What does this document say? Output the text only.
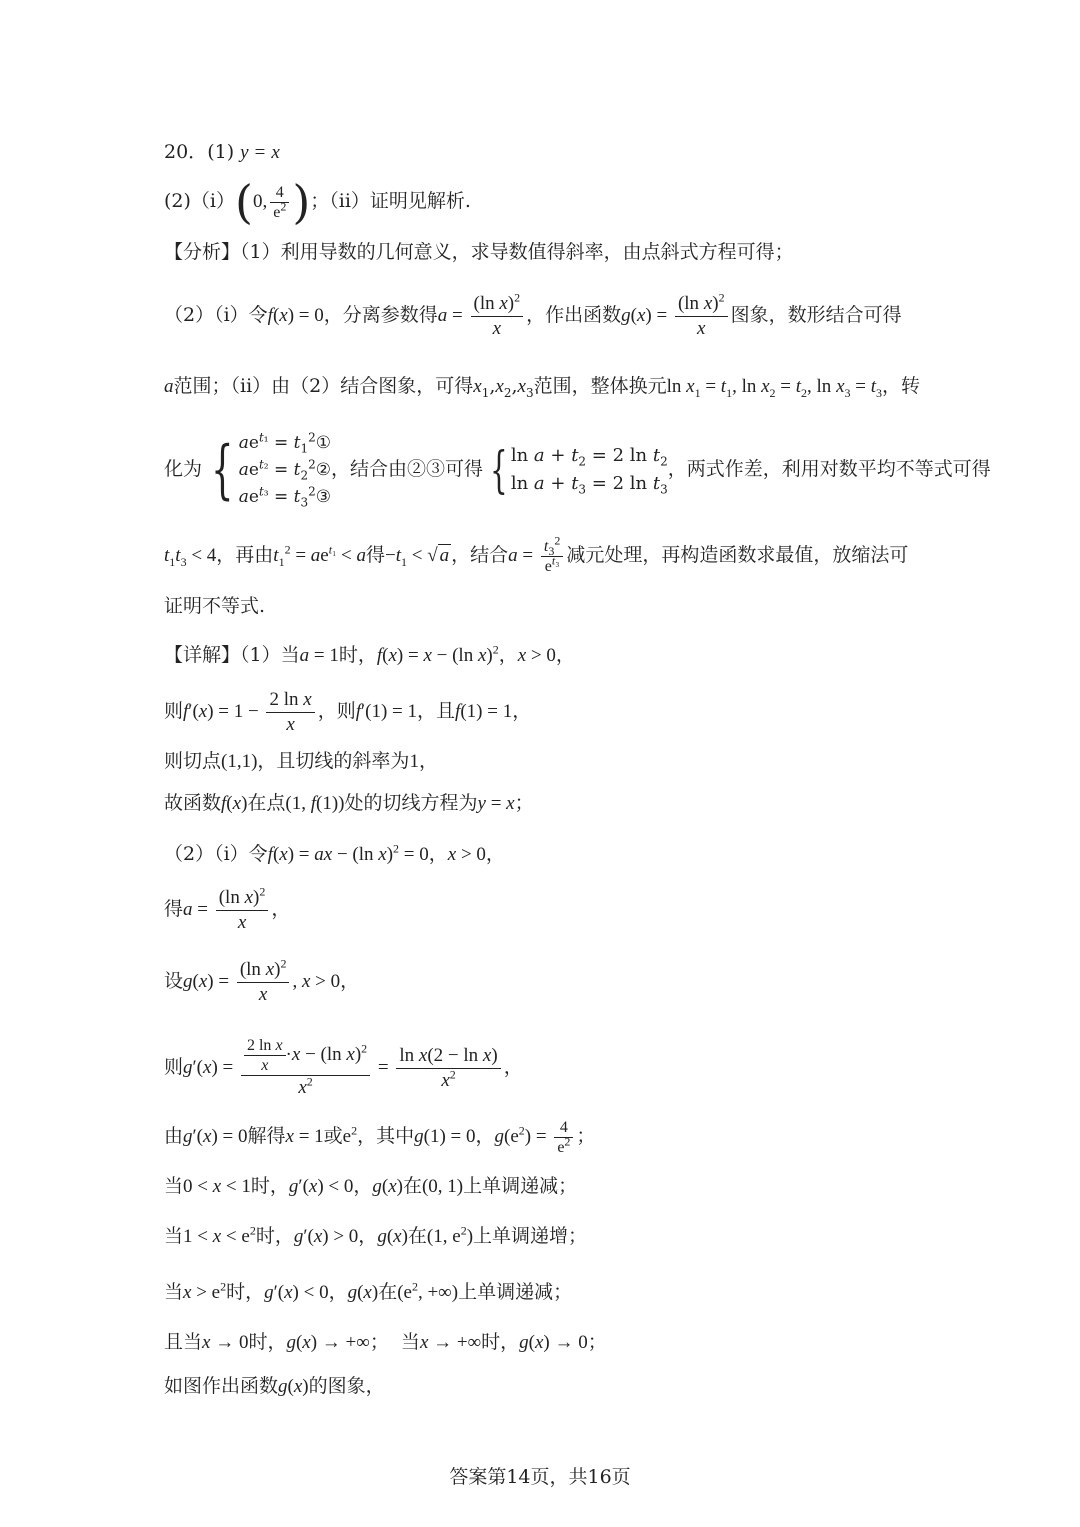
20．(1) y = x
(2)（i）(0, $\frac{4}{e^2}$ )；（ii）证明见解析.
【分析】（1）利用导数的几何意义，求导数值得斜率，由点斜式方程可得；
（2）（i）令f(x) = 0，分离参数得$a = \frac{(\ln x)^2}{x}$ ，作出函数$g(x) = \frac{(\ln x)^2}{x}$ 图象，数形结合可得
a范围；（ii）由（2）结合图象，可得$x_1,x_2,x_3$范围，整体换元$\ln x_1 = t_1$, $\ln x_2 = t_2$, $\ln x_3 = t_3$，转
化为 { $ae^{t_1}$ = $t_1^2①$
$ae^{t_2}$ = $t_2^2②$
$ae^{t_3}$ = $t_3^2③$
，结合由②③可得 { $\ln a + t_2 = 2$ $\ln t_2$
$\ln a + t_3 = 2$ $\ln t_3$
，两式作差，利用对数平均不等式可得
$t_1t_3 < 4$，再由$t_1^2 = ae^{t_1} < a$得$-t_1$ < √ a ，结合$a = \frac{t_3^2}{e^{t_3}}$ 减元处理，再构造函数求最值，放缩法可
证明不等式.
【详解】（1）当a = 1时，f(x) = x − (ln x)$^2$，x > 0，
则$f'(x) = 1 - \frac{\text{2 ln x}}{x}$ ，则f′(1) = 1，且f(1) = 1，
则切点(1,1)，且切线的斜率为1，
故函数f(x)在点(1, f(1))处的切线方程为y = x；
（2）（i）令f(x) = ax − (ln x)$^2$ = 0，x > 0，
得$a = \frac{(\ln x)^2}{x}$ ，
设$g(x) = \frac{(\ln x)^2}{x}$ , x > 0，
则$g'(x) = \frac{\frac{\text{2 ln x}}{x} \cdot x - (\ln x)^2}{x^2} = \frac{\text{ln x(2 − ln x)}}{x^2}$ ，
由g′(x) = 0解得x = 1或$e^2$，其中g(1) = 0，$g(e^2) = \frac{4}{e^2}$ ；
当0 < x < 1时，g′(x) < 0，g(x)在(0, 1)上单调递减；
当$1 < x < e^2$时，g′(x) > 0，g(x)在(1, $e^2$)上单调递增；
当$x > e^2$时，g′(x) < 0，g(x)在($e^2$, +∞)上单调递减；
且当x → 0时，g(x) → +∞； 当x → +∞时，g(x) → 0；
如图作出函数g(x)的图象，
答案第14页，共16页
